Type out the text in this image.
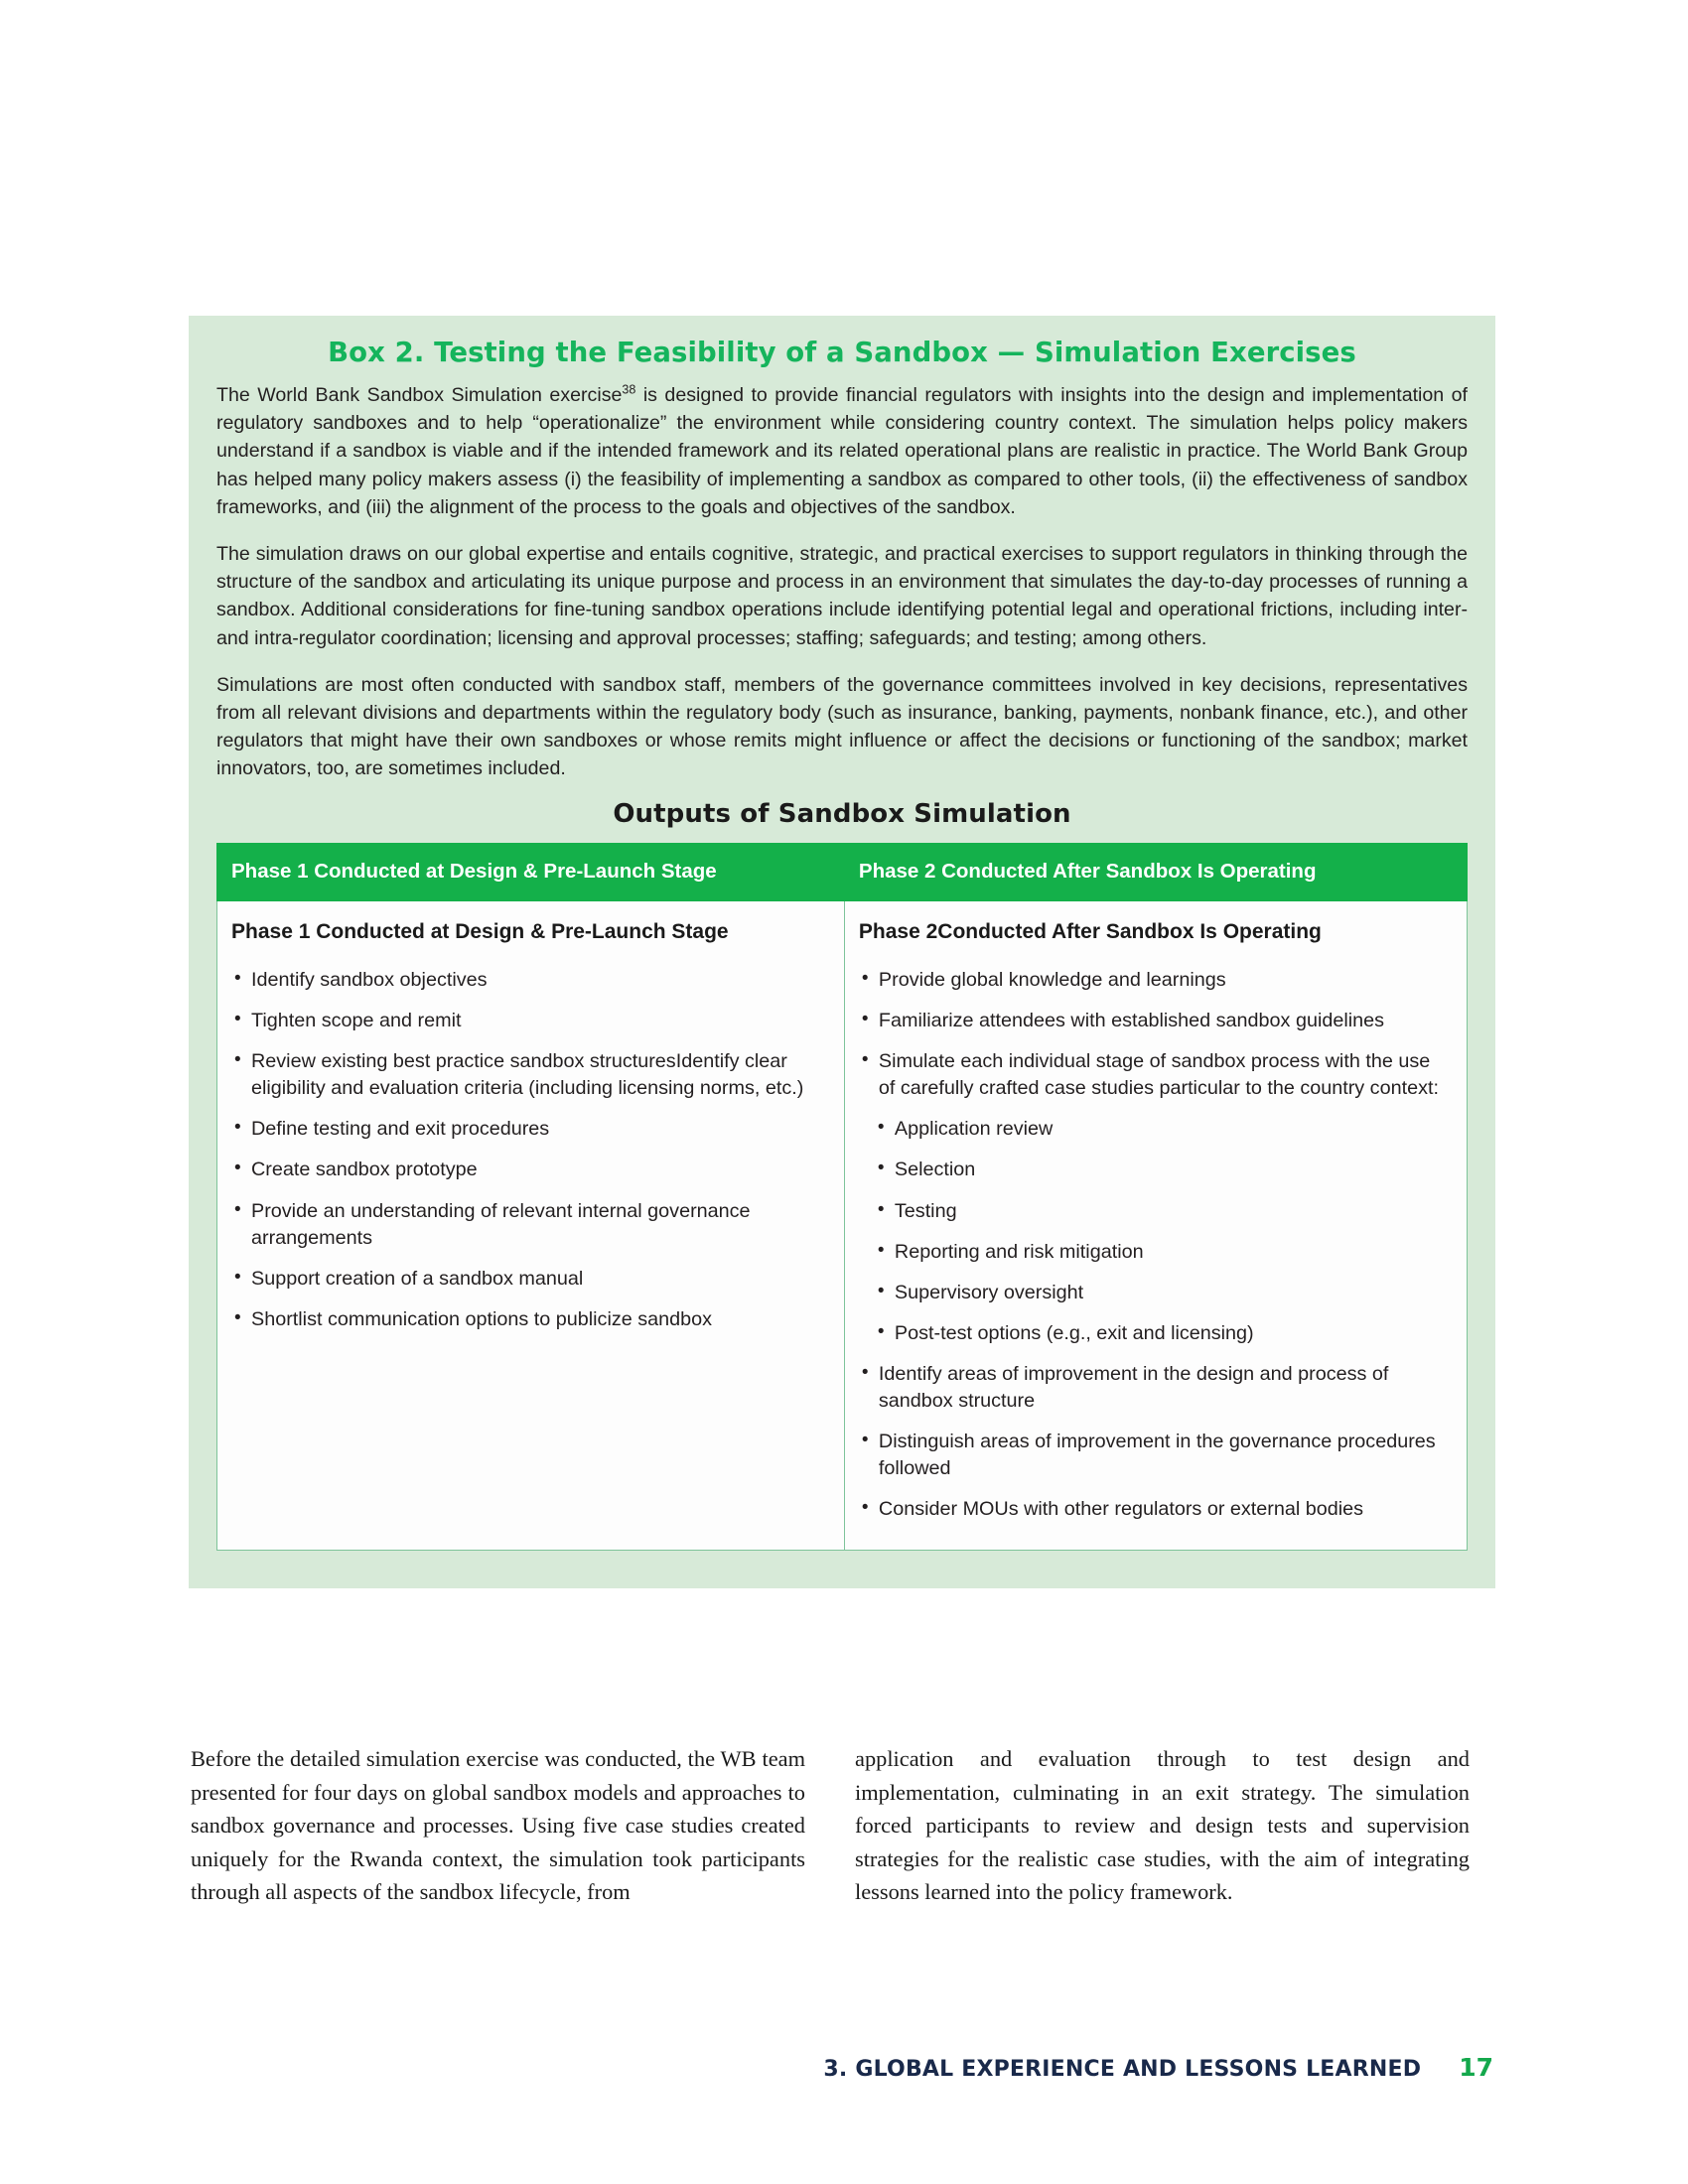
Box 2. Testing the Feasibility of a Sandbox — Simulation Exercises

The World Bank Sandbox Simulation exercise$^{38}$ is designed to provide financial regulators with insights into the design and implementation of regulatory sandboxes and to help “operationalize” the environment while considering country context. The simulation helps policy makers understand if a sandbox is viable and if the intended framework and its related operational plans are realistic in practice. The World Bank Group has helped many policy makers assess (i) the feasibility of implementing a sandbox as compared to other tools, (ii) the effectiveness of sandbox frameworks, and (iii) the alignment of the process to the goals and objectives of the sandbox.

The simulation draws on our global expertise and entails cognitive, strategic, and practical exercises to support regulators in thinking through the structure of the sandbox and articulating its unique purpose and process in an environment that simulates the day-to-day processes of running a sandbox. Additional considerations for fine-tuning sandbox operations include identifying potential legal and operational frictions, including inter- and intra-regulator coordination; licensing and approval processes; staffing; safeguards; and testing; among others.

Simulations are most often conducted with sandbox staff, members of the governance committees involved in key decisions, representatives from all relevant divisions and departments within the regulatory body (such as insurance, banking, payments, nonbank finance, etc.), and other regulators that might have their own sandboxes or whose remits might influence or affect the decisions or functioning of the sandbox; market innovators, too, are sometimes included.

Outputs of Sandbox Simulation
Phase 1 Conducted at Design & Pre-Launch Stage	Phase 2 Conducted After Sandbox Is Operating

Phase 1 Conducted at Design & Pre-Launch Stage
• Identify sandbox objectives
• Tighten scope and remit
• Review existing best practice sandbox structuresIdentify clear eligibility and evaluation criteria (including licensing norms, etc.)
• Define testing and exit procedures
• Create sandbox prototype
• Provide an understanding of relevant internal governance arrangements
• Support creation of a sandbox manual
• Shortlist communication options to publicize sandbox

Phase 2Conducted After Sandbox Is Operating
• Provide global knowledge and learnings
• Familiarize attendees with established sandbox guidelines
• Simulate each individual stage of sandbox process with the use of carefully crafted case studies particular to the country context:
• Application review
• Selection
• Testing
• Reporting and risk mitigation
• Supervisory oversight
• Post-test options (e.g., exit and licensing)
• Identify areas of improvement in the design and process of sandbox structure
• Distinguish areas of improvement in the governance procedures followed
• Consider MOUs with other regulators or external bodies

Before the detailed simulation exercise was conducted, the WB team presented for four days on global sandbox models and approaches to sandbox governance and processes. Using five case studies created uniquely for the Rwanda context, the simulation took participants through all aspects of the sandbox lifecycle, from

application and evaluation through to test design and implementation, culminating in an exit strategy. The simulation forced participants to review and design tests and supervision strategies for the realistic case studies, with the aim of integrating lessons learned into the policy framework.

3. GLOBAL EXPERIENCE AND LESSONS LEARNED 17
